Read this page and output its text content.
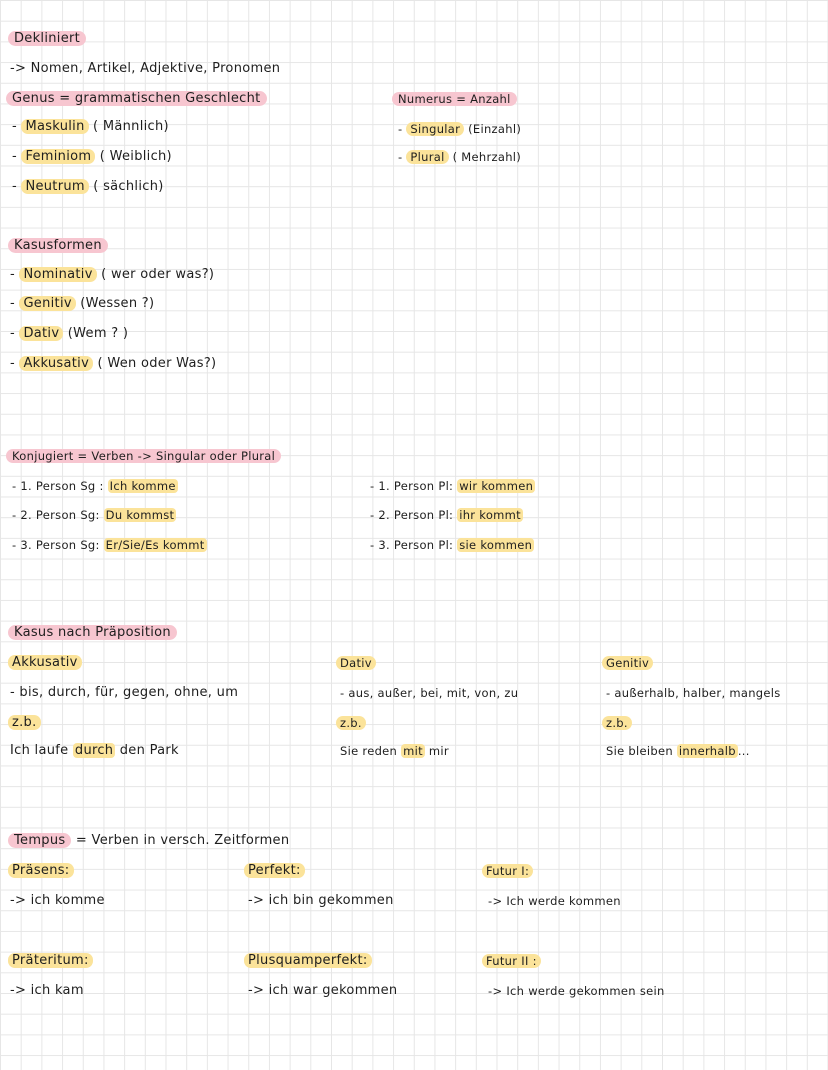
Dekliniert
-> Nomen, Artikel, Adjektive, Pronomen
Genus = grammatischen Geschlecht
- Maskulin ( Männlich)
- Feminiom ( Weiblich)
- Neutrum ( sächlich)
Numerus = Anzahl
- Singular (Einzahl)
- Plural ( Mehrzahl)
Kasusformen
- Nominativ ( wer oder was?)
- Genitiv (Wessen ?)
- Dativ (Wem ? )
- Akkusativ ( Wen oder Was?)
Konjugiert = Verben -> Singular oder Plural
- 1. Person Sg : Ich komme
- 2. Person Sg: Du kommst
- 3. Person Sg: Er/Sie/Es kommt
- 1. Person Pl: wir kommen
- 2. Person Pl: ihr kommt
- 3. Person Pl: sie kommen
Kasus nach Präposition
Akkusativ
- bis, durch, für, gegen, ohne, um
z.b.
Ich laufe durch den Park
Dativ
- aus, außer, bei, mit, von, zu
z.b.
Sie reden mit mir
Genitiv
- außerhalb, halber, mangels
z.b.
Sie bleiben innerhalb ...
Tempus = Verben in versch. Zeitformen
Präsens:
-> ich komme
Perfekt:
-> ich bin gekommen
Futur I:
-> Ich werde kommen
Präteritum:
-> ich kam
Plusquamperfekt:
-> ich war gekommen
Futur II :
-> Ich werde gekommen sein
